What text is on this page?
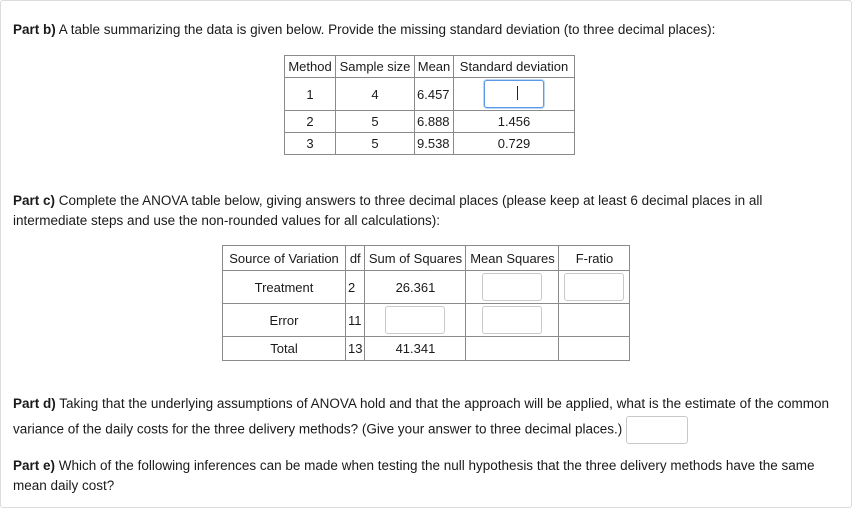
Part b) A table summarizing the data is given below. Provide the missing standard deviation (to three decimal places):

Method	Sample size	Mean	Standard deviation
1	4	6.457	
2	5	6.888	1.456
3	5	9.538	0.729

Part c) Complete the ANOVA table below, giving answers to three decimal places (please keep at least 6 decimal places in all intermediate steps and use the non-rounded values for all calculations):

Source of Variation	df	Sum of Squares	Mean Squares	F-ratio
Treatment	2	26.361		
Error	11			
Total	13	41.341		

Part d) Taking that the underlying assumptions of ANOVA hold and that the approach will be applied, what is the estimate of the common variance of the daily costs for the three delivery methods? (Give your answer to three decimal places.)

Part e) Which of the following inferences can be made when testing the null hypothesis that the three delivery methods have the same mean daily cost?
